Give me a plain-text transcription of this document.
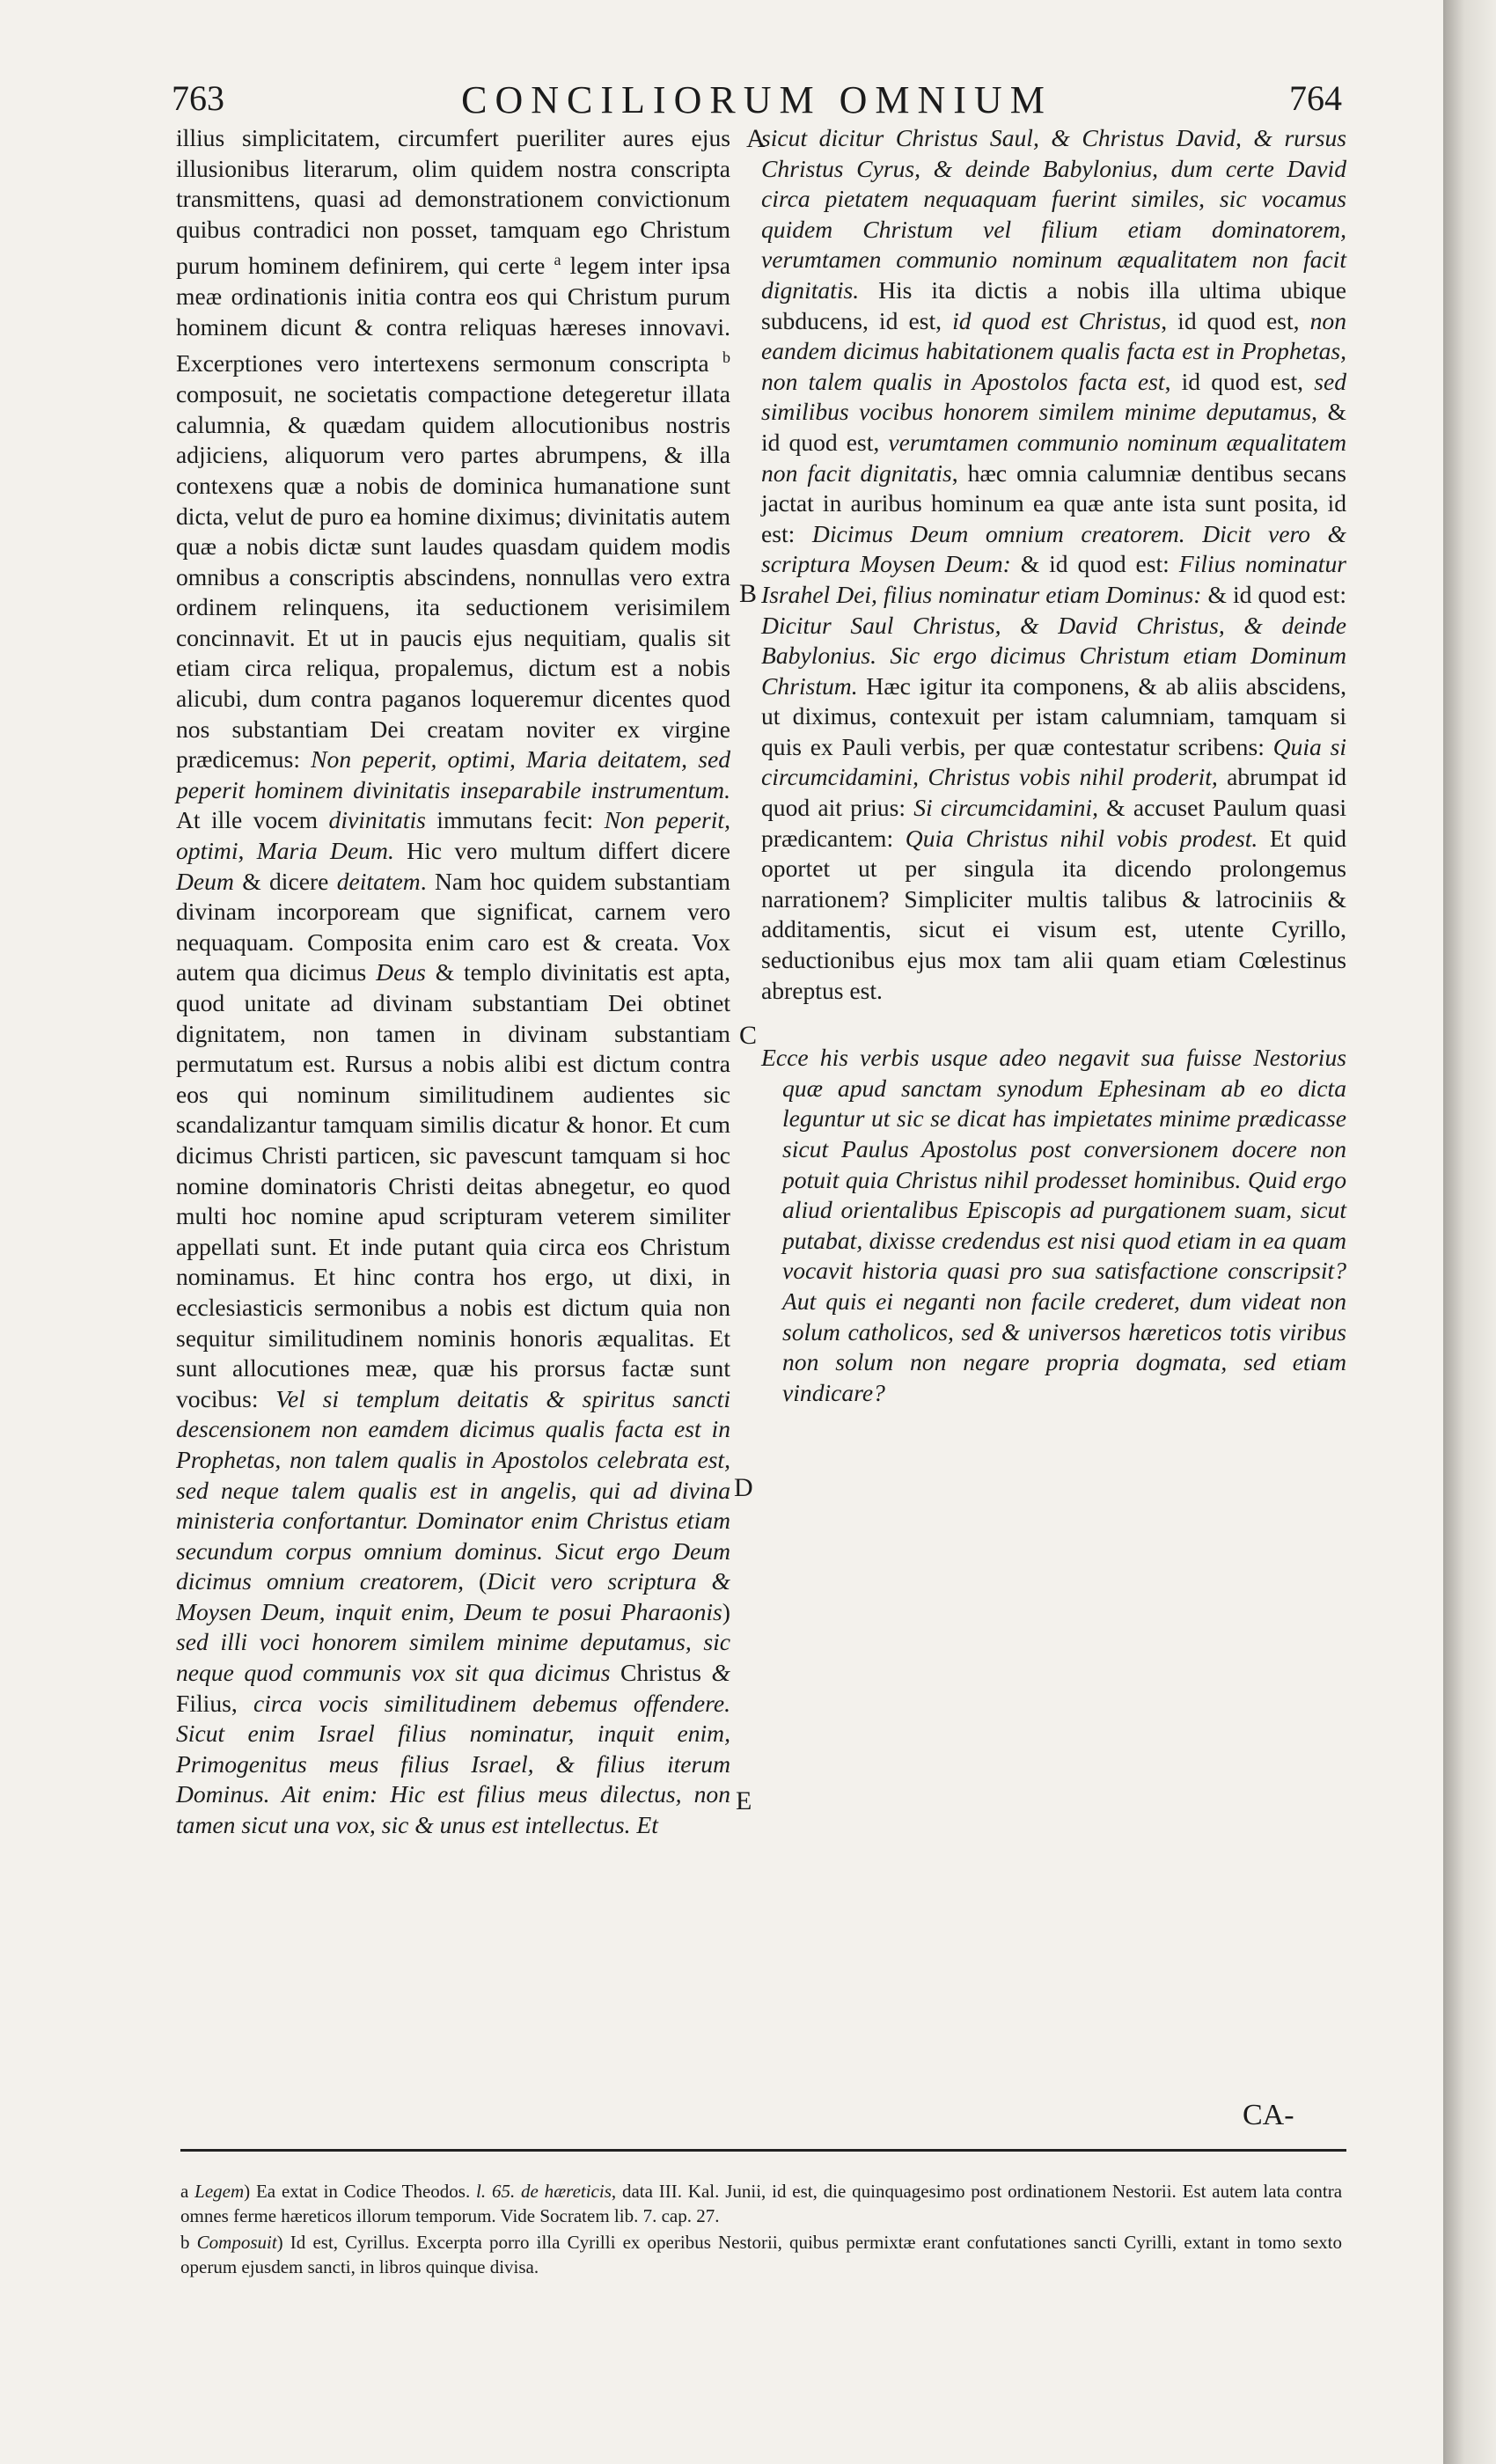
763	CONCILIORUM OMNIUM	764

illius simplicitatem, circumfert pueriliter aures ejus illusionibus literarum, olim quidem nostra conscripta transmittens, quasi ad demonstrationem convictionum quibus contradici non posset, tamquam ego Christum purum hominem definirem, qui certe $^a$ legem inter ipsa meæ ordinationis initia contra eos qui Christum purum hominem dicunt & contra reliquas hæreses innovavi. Excerptiones vero intertexens sermonum conscripta $^b$ composuit, ne societatis compactione detegeretur illata calumnia, & quædam quidem allocutionibus nostris adjiciens, aliquorum vero partes abrumpens, & illa contexens quæ a nobis de dominica humanatione sunt dicta, velut de puro ea homine diximus; divinitatis autem quæ a nobis dictæ sunt laudes quasdam quidem modis omnibus a conscriptis abscindens, nonnullas vero extra ordinem relinquens, ita seductionem verisimilem concinnavit. Et ut in paucis ejus nequitiam, qualis sit etiam circa reliqua, propalemus, dictum est a nobis alicubi, dum contra paganos loqueremur dicentes quod nos substantiam Dei creatam noviter ex virgine prædicemus: Non peperit, optimi, Maria deitatem, sed peperit hominem divinitatis inseparabile instrumentum. At ille vocem divinitatis immutans fecit: Non peperit, optimi, Maria Deum. Hic vero multum differt dicere Deum & dicere deitatem. Nam hoc quidem substantiam divinam incorpoream que significat, carnem vero nequaquam. Composita enim caro est & creata. Vox autem qua dicimus Deus & templo divinitatis est apta, quod unitate ad divinam substantiam Dei obtinet dignitatem, non tamen in divinam substantiam permutatum est. Rursus a nobis alibi est dictum contra eos qui nominum similitudinem audientes sic scandalizantur tamquam similis dicatur & honor. Et cum dicimus Christi particen, sic pavescunt tamquam si hoc nomine dominatoris Christi deitas abnegetur, eo quod multi hoc nomine apud scripturam veterem similiter appellati sunt. Et inde putant quia circa eos Christum nominamus. Et hinc contra hos ergo, ut dixi, in ecclesiasticis sermonibus a nobis est dictum quia non sequitur similitudinem nominis honoris æqualitas. Et sunt allocutiones meæ, quæ his prorsus factæ sunt vocibus: Vel si templum deitatis & spiritus sancti descensionem non eamdem dicimus qualis facta est in Prophetas, non talem qualis in Apostolos celebrata est, sed neque talem qualis est in angelis, qui ad divina ministeria confortantur. Dominator enim Christus etiam secundum corpus omnium dominus. Sicut ergo Deum dicimus omnium creatorem, (Dicit vero scriptura & Moysen Deum, inquit enim, Deum te posui Pharaonis) sed illi voci honorem similem minime deputamus, sic neque quod communis vox sit qua dicimus Christus & Filius, circa vocis similitudinem debemus offendere. Sicut enim Israel filius nominatur, inquit enim, Primogenitus meus filius Israel, & filius iterum Dominus. Ait enim: Hic est filius meus dilectus, non tamen sicut una vox, sic & unus est intellectus. Et

A
B
C
D
E

sicut dicitur Christus Saul, & Christus David, & rursus Christus Cyrus, & deinde Babylonius, dum certe David circa pietatem nequaquam fuerint similes, sic vocamus quidem Christum vel filium etiam dominatorem, verumtamen communio nominum æqualitatem non facit dignitatis. His ita dictis a nobis illa ultima ubique subducens, id est, id quod est Christus, id quod est, non eandem dicimus habitationem qualis facta est in Prophetas, non talem qualis in Apostolos facta est, id quod est, sed similibus vocibus honorem similem minime deputamus, & id quod est, verumtamen communio nominum æqualitatem non facit dignitatis, hæc omnia calumniæ dentibus secans jactat in auribus hominum ea quæ ante ista sunt posita, id est: Dicimus Deum omnium creatorem. Dicit vero & scriptura Moysen Deum: & id quod est: Filius nominatur Israhel Dei, filius nominatur etiam Dominus: & id quod est: Dicitur Saul Christus, & David Christus, & deinde Babylonius. Sic ergo dicimus Christum etiam Dominum Christum. Hæc igitur ita componens, & ab aliis abscidens, ut diximus, contexuit per istam calumniam, tamquam si quis ex Pauli verbis, per quæ contestatur scribens: Quia si circumcidamini, Christus vobis nihil proderit, abrumpat id quod ait prius: Si circumcidamini, & accuset Paulum quasi prædicantem: Quia Christus nihil vobis prodest. Et quid oportet ut per singula ita dicendo prolongemus narrationem? Simpliciter multis talibus & latrociniis & additamentis, sicut ei visum est, utente Cyrillo, seductionibus ejus mox tam alii quam etiam Cœlestinus abreptus est.

Ecce his verbis usque adeo negavit sua fuisse Nestorius quæ apud sanctam synodum Ephesinam ab eo dicta leguntur ut sic se dicat has impietates minime prædicasse sicut Paulus Apostolus post conversionem docere non potuit quia Christus nihil prodesset hominibus. Quid ergo aliud orientalibus Episcopis ad purgationem suam, sicut putabat, dixisse credendus est nisi quod etiam in ea quam vocavit historia quasi pro sua satisfactione conscripsit? Aut quis ei neganti non facile crederet, dum videat non solum catholicos, sed & universos hæreticos totis viribus non solum non negare propria dogmata, sed etiam vindicare?

CA-

a Legem) Ea extat in Codice Theodos. l. 65. de hæreticis, data III. Kal. Junii, id est, die quinquagesimo post ordinationem Nestorii. Est autem lata contra omnes ferme hæreticos illorum temporum. Vide Socratem lib. 7. cap. 27.

b Composuit) Id est, Cyrillus. Excerpta porro illa Cyrilli ex operibus Nestorii, quibus permixtæ erant confutationes sancti Cyrilli, extant in tomo sexto operum ejusdem sancti, in libros quinque divisa.
